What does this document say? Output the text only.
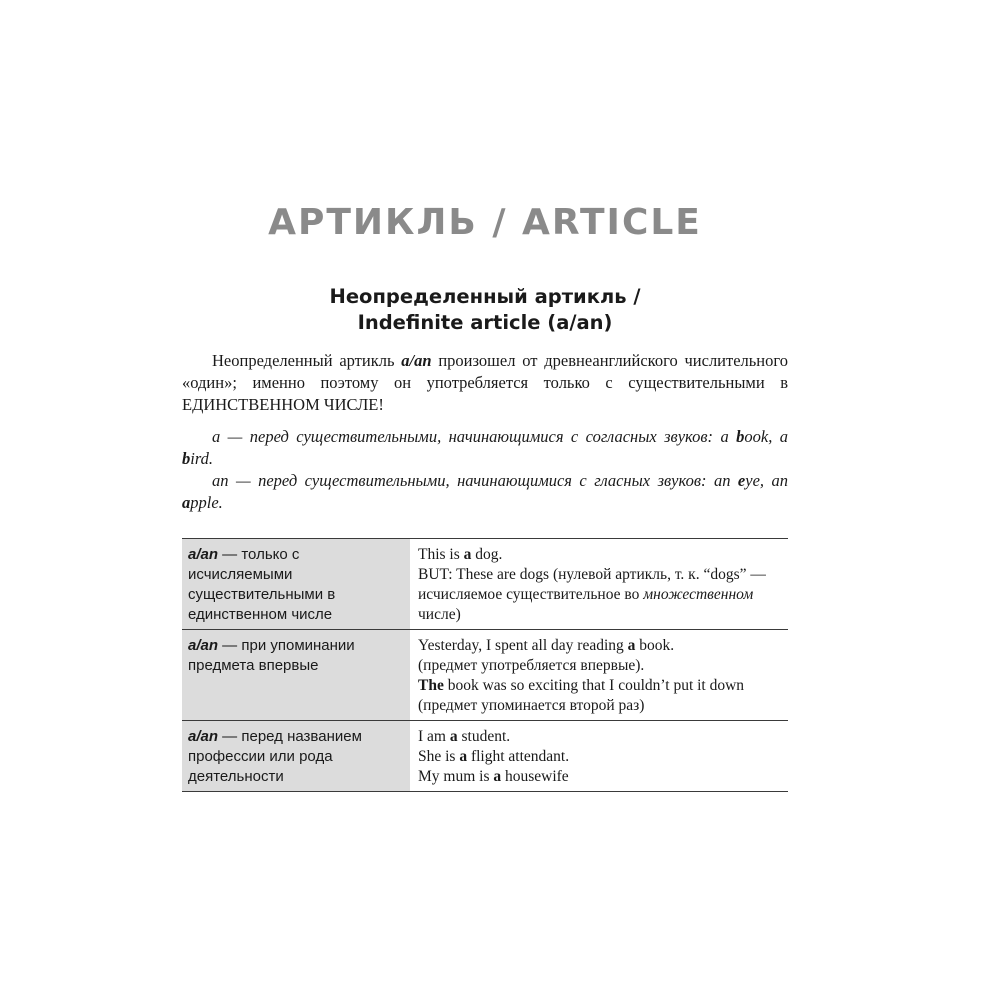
АРТИКЛЬ / ARTICLE
Неопределенный артикль /
Indefinite article (a/an)

Неопределенный артикль a/an произошел от древнеанглийского числительного «один»; именно поэтому он употребляется только с существительными в ЕДИНСТВЕННОМ ЧИСЛЕ!

a — перед существительными, начинающимися с согласных звуков: a book, a bird.

an — перед существительными, начинающимися с гласных звуков: an eye, an apple.

a/an — только с исчисляемыми существительными в единственном числе	This is a dog.
BUT: These are dogs (нулевой артикль, т. к. “dogs” — исчисляемое существительное во множественном числе)

a/an — при упоминании предмета впервые	Yesterday, I spent all day reading a book.
(предмет употребляется впервые).
The book was so exciting that I couldn’t put it down (предмет упоминается второй раз)

a/an — перед названием профессии или рода деятельности	I am a student.
She is a flight attendant.
My mum is a housewife
